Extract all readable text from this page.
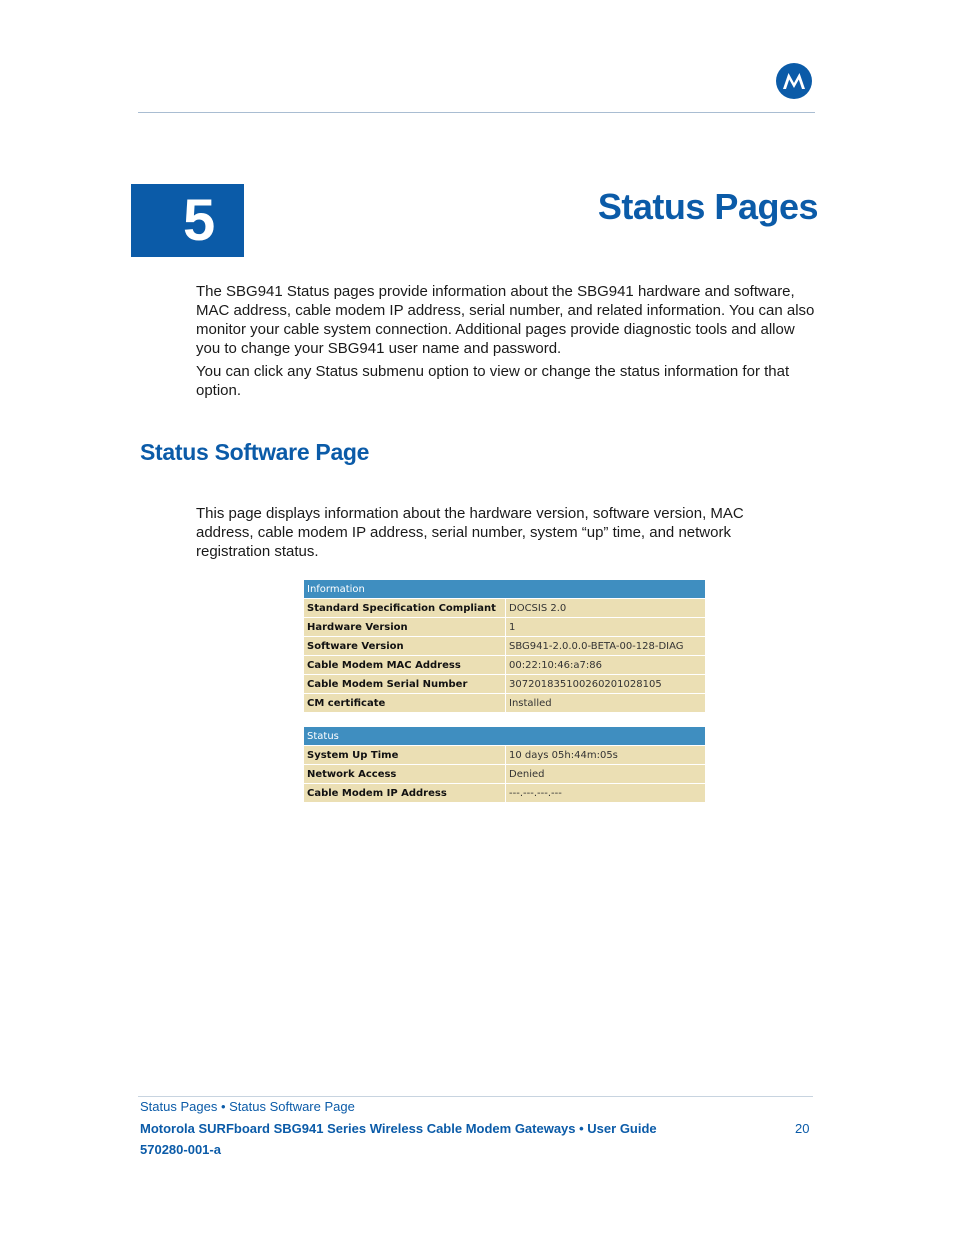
5	Status Pages

The SBG941 Status pages provide information about the SBG941 hardware and software, MAC address, cable modem IP address, serial number, and related information. You can also monitor your cable system connection. Additional pages provide diagnostic tools and allow you to change your SBG941 user name and password.

You can click any Status submenu option to view or change the status information for that option.

Status Software Page

This page displays information about the hardware version, software version, MAC address, cable modem IP address, serial number, system “up” time, and network registration status.

Information	
Standard Specification Compliant	DOCSIS 2.0
Hardware Version	1
Software Version	SBG941-2.0.0.0-BETA-00-128-DIAG
Cable Modem MAC Address	00:22:10:46:a7:86
Cable Modem Serial Number	307201835100260201028105
CM certificate	Installed
Status	
System Up Time	10 days 05h:44m:05s
Network Access	Denied
Cable Modem IP Address	---.---.---.---
Status Pages • Status Software Page
Motorola SURFboard SBG941 Series Wireless Cable Modem Gateways • User Guide
570280-001-a
20
